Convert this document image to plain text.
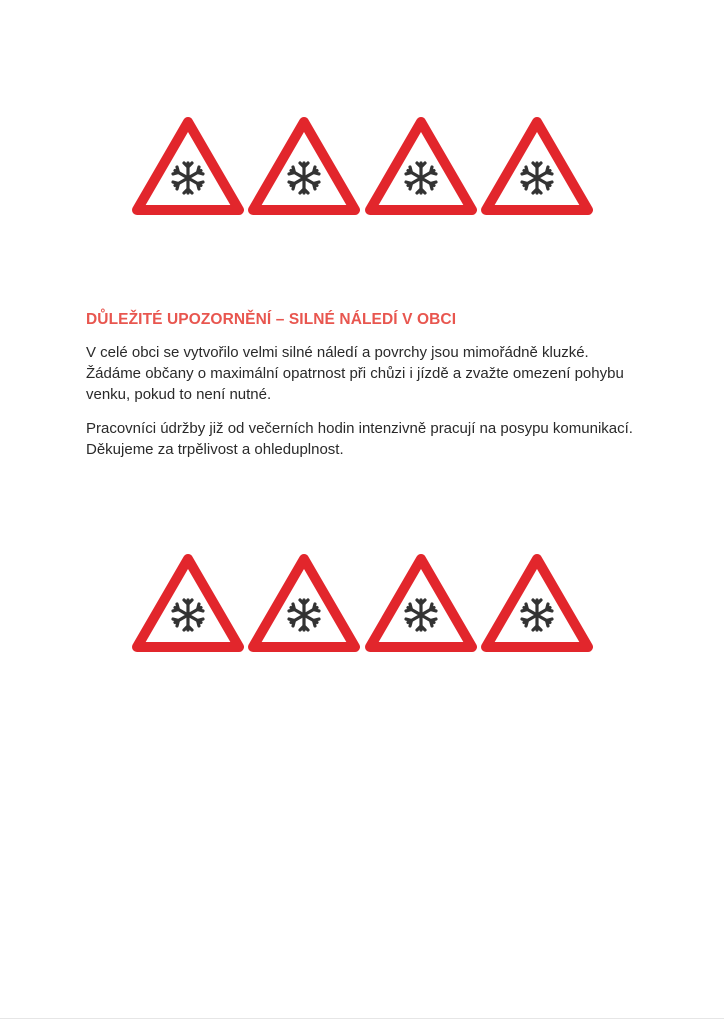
DŮLEŽITÉ UPOZORNĚNÍ – SILNÉ NÁLEDÍ V OBCI

V celé obci se vytvořilo velmi silné náledí a povrchy jsou mimořádně kluzké. Žádáme občany o maximální opatrnost při chůzi i jízdě a zvažte omezení pohybu venku, pokud to není nutné.

Pracovníci údržby již od večerních hodin intenzivně pracují na posypu komunikací. Děkujeme za trpělivost a ohleduplnost.
